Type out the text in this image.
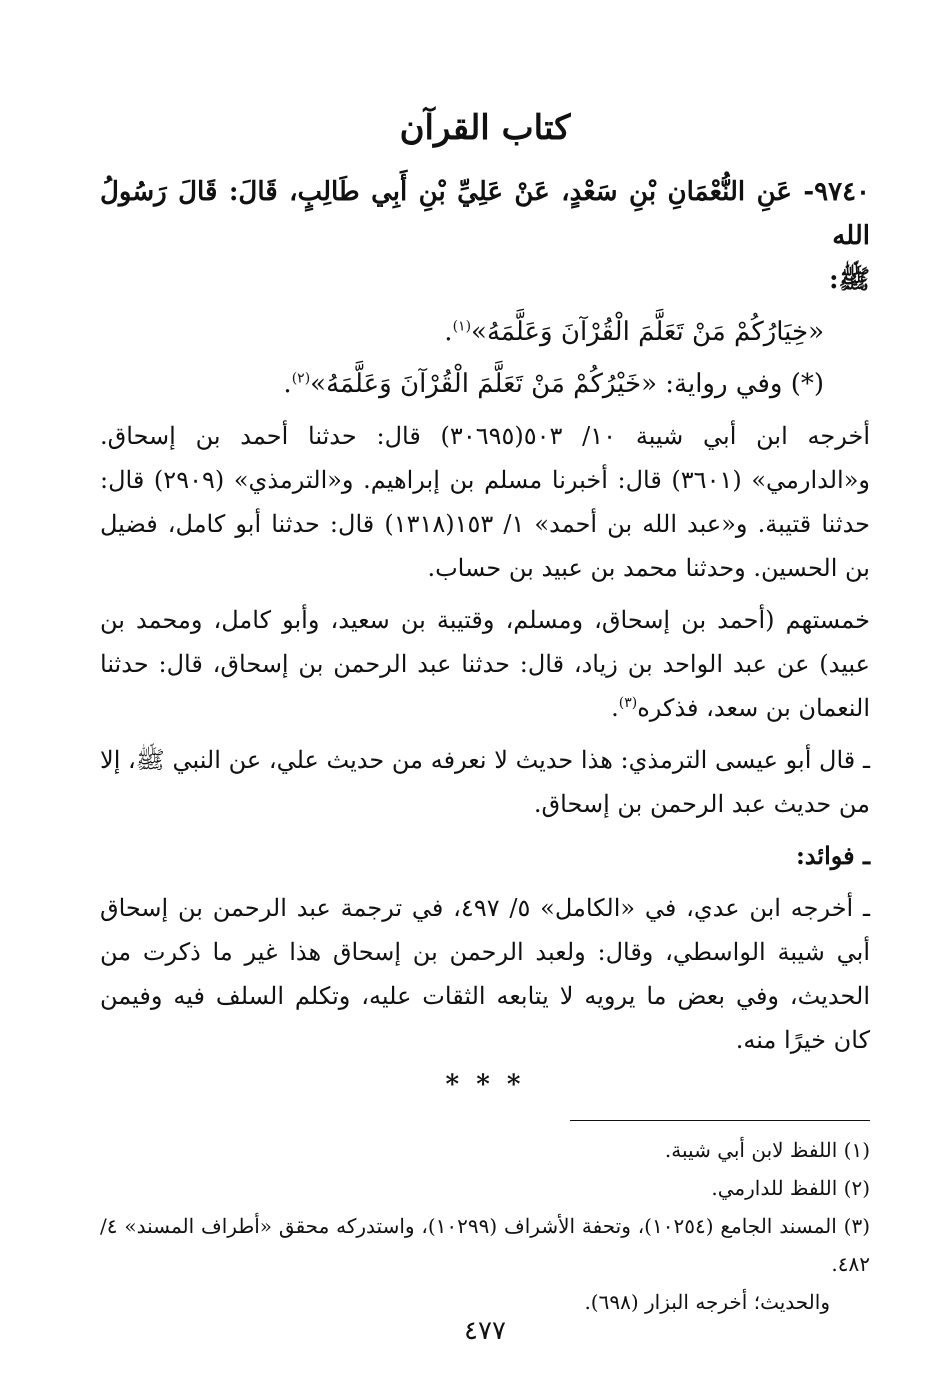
كتاب القرآن

٩٧٤٠- عَنِ النُّعْمَانِ بْنِ سَعْدٍ، عَنْ عَلِيِّ بْنِ أَبِي طَالِبٍ، قَالَ: قَالَ رَسُولُ الله
ﷺ:

«خِيَارُكُمْ مَنْ تَعَلَّمَ الْقُرْآنَ وَعَلَّمَهُ»$^{(١)}$.

(*) وفي رواية: «خَيْرُكُمْ مَنْ تَعَلَّمَ الْقُرْآنَ وَعَلَّمَهُ»$^{(٢)}$.

أخرجه ابن أبي شيبة ١٠/ ٥٠٣(٣٠٦٩٥) قال: حدثنا أحمد بن إسحاق. و«الدارمي» (٣٦٠١) قال: أخبرنا مسلم بن إبراهيم. و«الترمذي» (٢٩٠٩) قال: حدثنا قتيبة. و«عبد الله بن أحمد» ١/ ١٥٣(١٣١٨) قال: حدثنا أبو كامل، فضيل بن الحسين. وحدثنا محمد بن عبيد بن حساب.

خمستهم (أحمد بن إسحاق، ومسلم، وقتيبة بن سعيد، وأبو كامل، ومحمد بن عبيد) عن عبد الواحد بن زياد، قال: حدثنا عبد الرحمن بن إسحاق، قال: حدثنا النعمان بن سعد، فذكره$^{(٣)}$.

ـ قال أبو عيسى الترمذي: هذا حديث لا نعرفه من حديث علي، عن النبي ﷺ، إلا من حديث عبد الرحمن بن إسحاق.

ـ فوائد:

ـ أخرجه ابن عدي، في «الكامل» ٥/ ٤٩٧، في ترجمة عبد الرحمن بن إسحاق أبي شيبة الواسطي، وقال: ولعبد الرحمن بن إسحاق هذا غير ما ذكرت من الحديث، وفي بعض ما يرويه لا يتابعه الثقات عليه، وتكلم السلف فيه وفيمن كان خيرًا منه.

* * *

(١) اللفظ لابن أبي شيبة.

(٢) اللفظ للدارمي.

(٣) المسند الجامع (١٠٢٥٤)، وتحفة الأشراف (١٠٢٩٩)، واستدركه محقق «أطراف المسند» ٤/ ٤٨٢.

والحديث؛ أخرجه البزار (٦٩٨).

٤٧٧
